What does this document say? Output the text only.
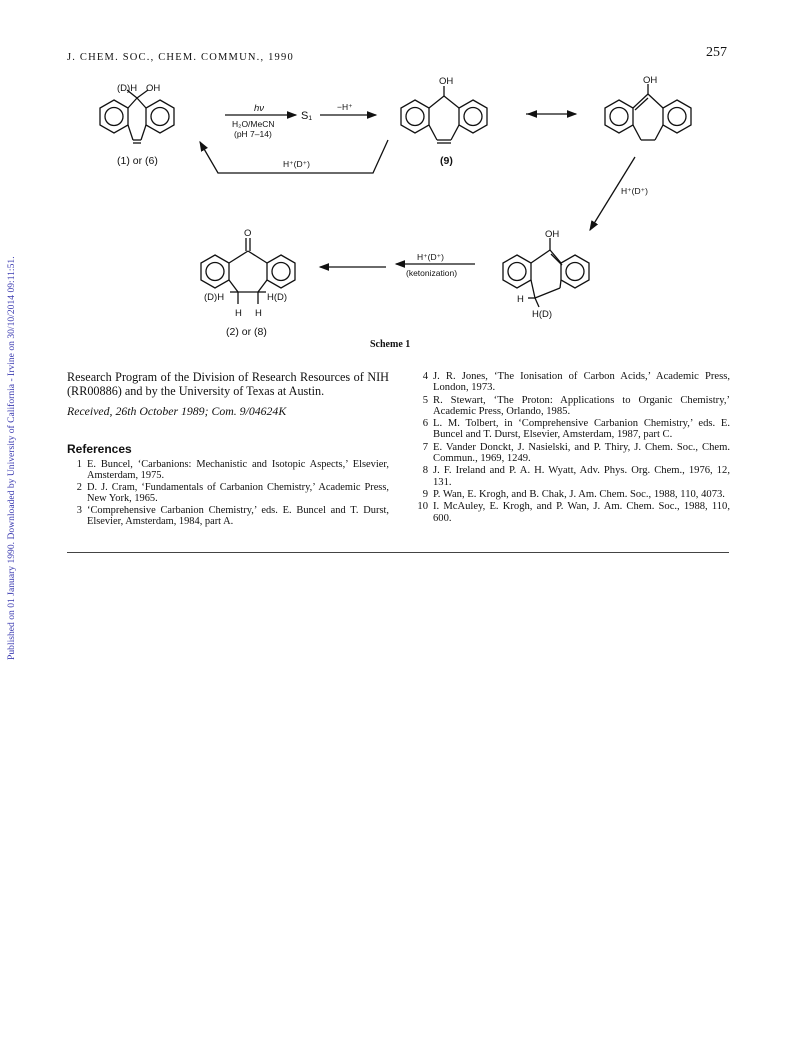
Published on 01 January 1990. Downloaded by University of California - Irvine on 30/10/2014 09:11:51.
J. CHEM. SOC., CHEM. COMMUN., 1990	257
(D)H OH
(1) or (6)
hν
H₂O/MeCN
(pH 7–14)
S₁
−H⁺
H⁺(D⁺)
OH
(9)
OH
H⁺(D⁺)
OH
H
H(D)
H⁺(D⁺)
(ketonization)
O
(D)H	H(D)
H H
(2) or (8)
Scheme 1

Research Program of the Division of Research Resources of NIH (RR00886) and by the University of Texas at Austin.

Received, 26th October 1989; Com. 9/04624K

References
1 E. Buncel, ‘Carbanions: Mechanistic and Isotopic Aspects,’ Elsevier, Amsterdam, 1975.
2 D. J. Cram, ‘Fundamentals of Carbanion Chemistry,’ Academic Press, New York, 1965.
3 ‘Comprehensive Carbanion Chemistry,’ eds. E. Buncel and T. Durst, Elsevier, Amsterdam, 1984, part A.
4 J. R. Jones, ‘The Ionisation of Carbon Acids,’ Academic Press, London, 1973.
5 R. Stewart, ‘The Proton: Applications to Organic Chemistry,’ Academic Press, Orlando, 1985.
6 L. M. Tolbert, in ‘Comprehensive Carbanion Chemistry,’ eds. E. Buncel and T. Durst, Elsevier, Amsterdam, 1987, part C.
7 E. Vander Donckt, J. Nasielski, and P. Thiry, J. Chem. Soc., Chem. Commun., 1969, 1249.
8 J. F. Ireland and P. A. H. Wyatt, Adv. Phys. Org. Chem., 1976, 12, 131.
9 P. Wan, E. Krogh, and B. Chak, J. Am. Chem. Soc., 1988, 110, 4073.
10 I. McAuley, E. Krogh, and P. Wan, J. Am. Chem. Soc., 1988, 110, 600.
